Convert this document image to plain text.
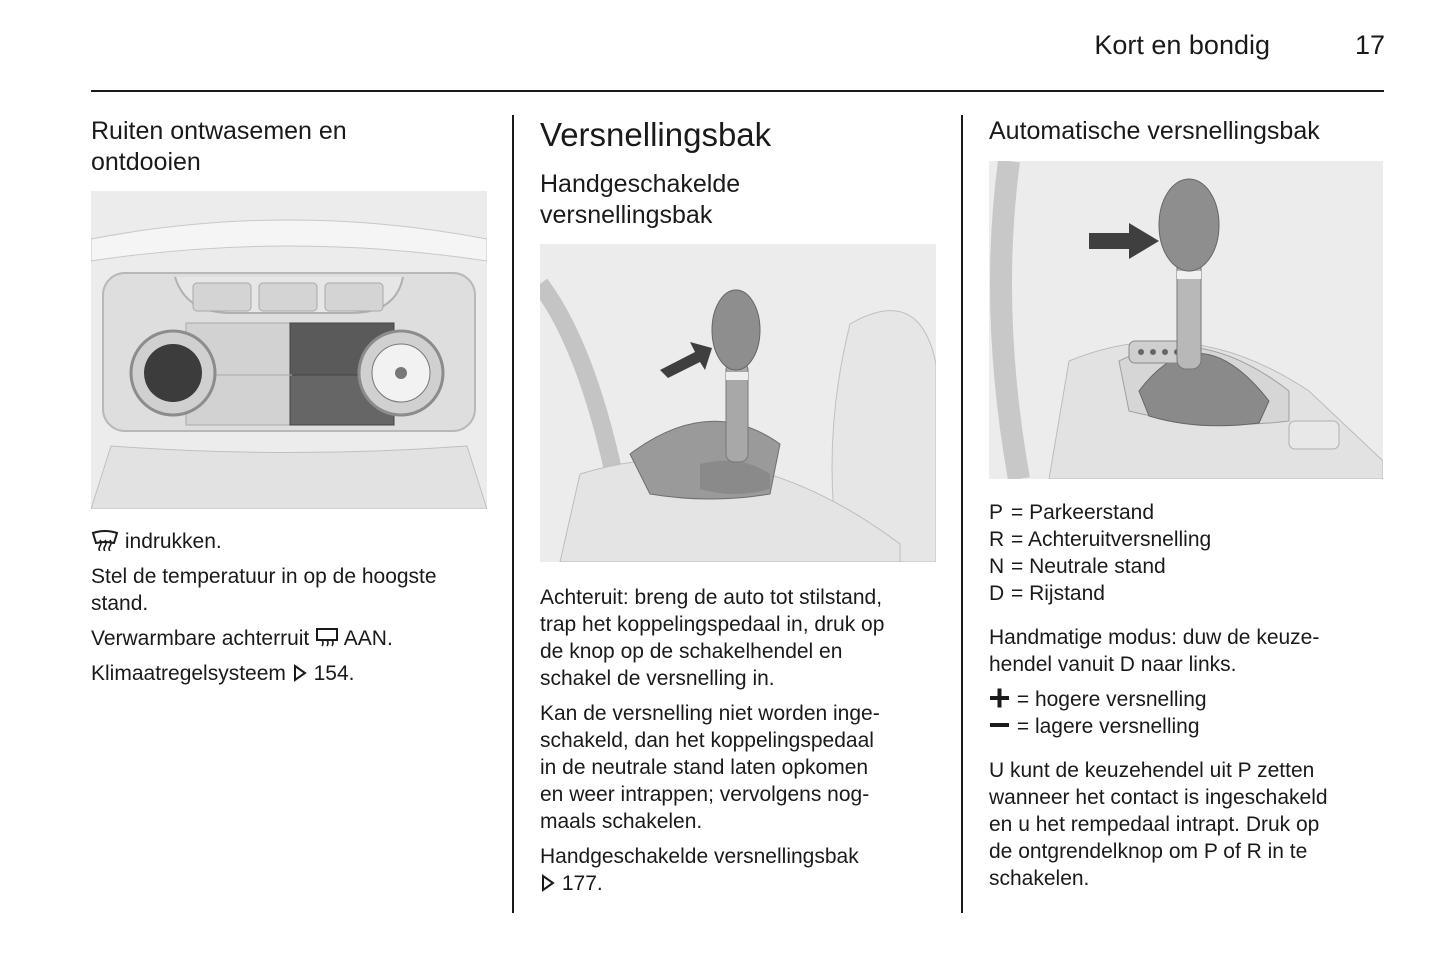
Kort en bondig	17
Ruiten ontwasemen en
ontdooien

indrukken.

Stel de temperatuur in op de hoogste
stand.

Verwarmbare achterruit AAN.

Klimaatregelsysteem 154.

Versnellingsbak
Handgeschakelde
versnellingsbak

Achteruit: breng de auto tot stilstand,
trap het koppelingspedaal in, druk op
de knop op de schakelhendel en
schakel de versnelling in.

Kan de versnelling niet worden inge-
schakeld, dan het koppelingspedaal
in de neutrale stand laten opkomen
en weer intrappen; vervolgens nog-
maals schakelen.

Handgeschakelde versnellingsbak
177.

Automatische versnellingsbak
P = Parkeerstand
R = Achteruitversnelling
N = Neutrale stand
D = Rijstand

Handmatige modus: duw de keuze-
hendel vanuit D naar links.

= hogere versnelling
= lagere versnelling

U kunt de keuzehendel uit P zetten
wanneer het contact is ingeschakeld
en u het rempedaal intrapt. Druk op
de ontgrendelknop om P of R in te
schakelen.
